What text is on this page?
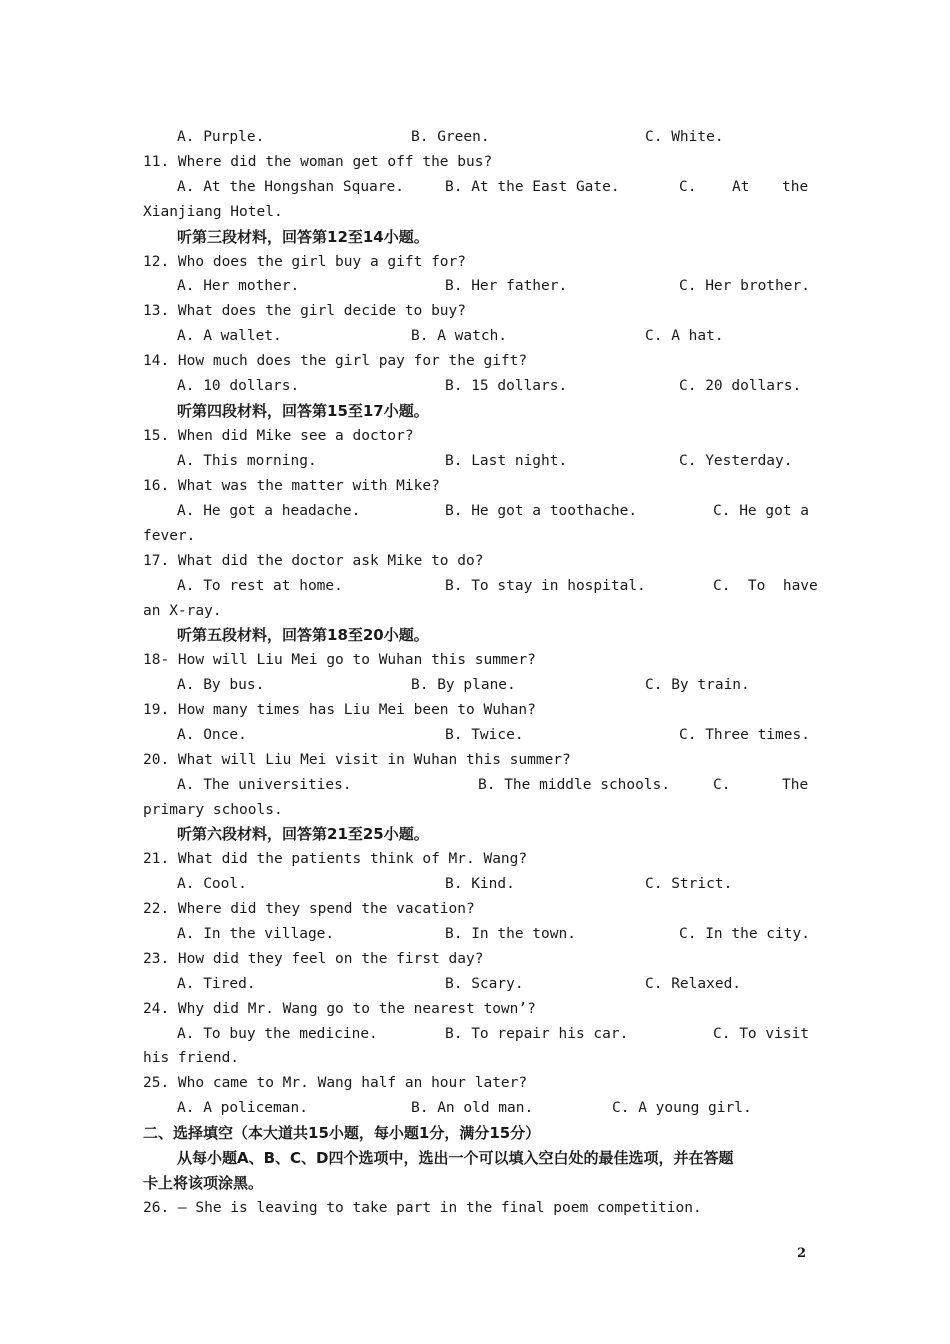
A. Purple.

	B. Green.

	C. White.

11. Where did the woman get off the bus?

A. At the Hongshan Square.

	B. At the East Gate.

	C.

At

the

Xianjiang Hotel.
听第三段材料，回答第12至14小题。
12. Who does the girl buy a gift for?

A. Her mother.

	B. Her father.

	C. Her brother.

13. What does the girl decide to buy?

A. A wallet.

	B. A watch.

	C. A hat.

14. How much does the girl pay for the gift?

A. 10 dollars.

	B. 15 dollars.

	C. 20 dollars.

听第四段材料，回答第15至17小题。
15. When did Mike see a doctor?

A. This morning.

	B. Last night.

	C. Yesterday.

16. What was the matter with Mike?

A. He got a headache.

	B. He got a toothache.

	C. He got a

fever.
17. What did the doctor ask Mike to do?

A. To rest at home.

	B. To stay in hospital.

	C.  To  have

an X-ray.
听第五段材料，回答第18至20小题。
18- How will Liu Mei go to Wuhan this summer?

A. By bus.

	B. By plane.

	C. By train.

19. How many times has Liu Mei been to Wuhan?

A. Once.

	B. Twice.

	C. Three times.

20. What will Liu Mei visit in Wuhan this summer?

A. The universities.

	B. The middle schools.

	C.

	The

primary schools.
听第六段材料，回答第21至25小题。
21. What did the patients think of Mr. Wang?

A. Cool.

	B. Kind.

	C. Strict.

22. Where did they spend the vacation?

A. In the village.

	B. In the town.

	C. In the city.

23. How did they feel on the first day?

A. Tired.

	B. Scary.

	C. Relaxed.

24. Why did Mr. Wang go to the nearest town’?

A. To buy the medicine.

	B. To repair his car.

	C. To visit

his friend.
25. Who came to Mr. Wang half an hour later?

A. A policeman.

	B. An old man.

	C. A young girl.

二、选择填空（本大道共15小题，每小题1分，满分15分）
从每小题A、B、C、D四个选项中，选出一个可以填入空白处的最佳选项，并在答题
卡上将该项涂黑。
26. — She is leaving to take part in the final poem competition.
2
